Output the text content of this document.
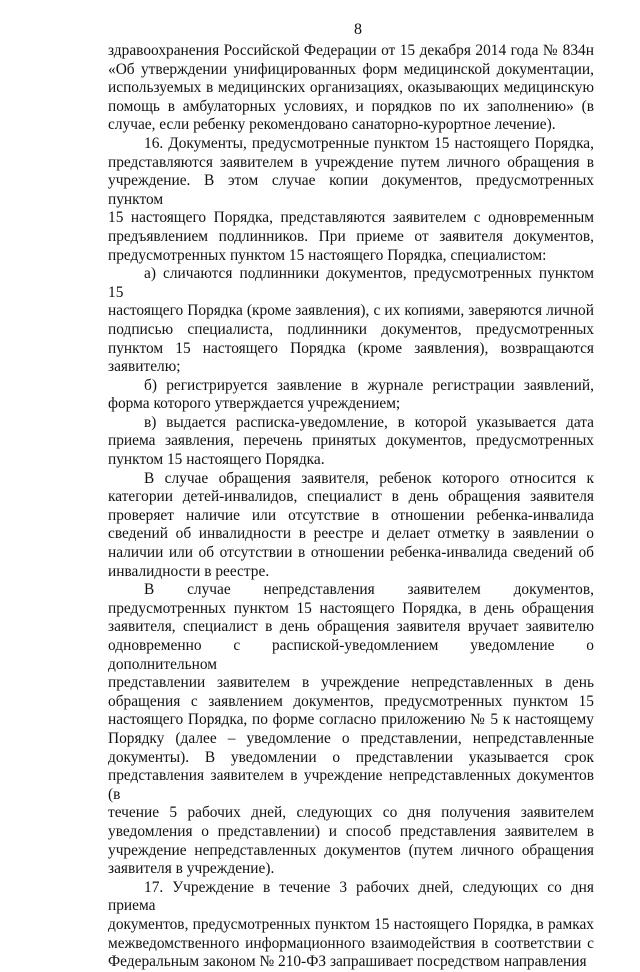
8
здравоохранения Российской Федерации от 15 декабря 2014 года № 834н
«Об утверждении унифицированных форм медицинской документации,
используемых в медицинских организациях, оказывающих медицинскую
помощь в амбулаторных условиях, и порядков по их заполнению» (в
случае, если ребенку рекомендовано санаторно-курортное лечение).
16. Документы, предусмотренные пунктом 15 настоящего Порядка,
представляются заявителем в учреждение путем личного обращения в
учреждение. В этом случае копии документов, предусмотренных пунктом
15 настоящего Порядка, представляются заявителем с одновременным
предъявлением подлинников. При приеме от заявителя документов,
предусмотренных пунктом 15 настоящего Порядка, специалистом:
а) сличаются подлинники документов, предусмотренных пунктом 15
настоящего Порядка (кроме заявления), с их копиями, заверяются личной
подписью специалиста, подлинники документов, предусмотренных
пунктом 15 настоящего Порядка (кроме заявления), возвращаются
заявителю;
б) регистрируется заявление в журнале регистрации заявлений,
форма которого утверждается учреждением;
в) выдается расписка-уведомление, в которой указывается дата
приема заявления, перечень принятых документов, предусмотренных
пунктом 15 настоящего Порядка.
В случае обращения заявителя, ребенок которого относится к
категории детей-инвалидов, специалист в день обращения заявителя
проверяет наличие или отсутствие в отношении ребенка-инвалида
сведений об инвалидности в реестре и делает отметку в заявлении о
наличии или об отсутствии в отношении ребенка-инвалида сведений об
инвалидности в реестре.
В случае непредставления заявителем документов,
предусмотренных пунктом 15 настоящего Порядка, в день обращения
заявителя, специалист в день обращения заявителя вручает заявителю
одновременно с распиской-уведомлением уведомление о дополнительном
представлении заявителем в учреждение непредставленных в день
обращения с заявлением документов, предусмотренных пунктом 15
настоящего Порядка, по форме согласно приложению № 5 к настоящему
Порядку (далее – уведомление о представлении, непредставленные
документы). В уведомлении о представлении указывается срок
представления заявителем в учреждение непредставленных документов (в
течение 5 рабочих дней, следующих со дня получения заявителем
уведомления о представлении) и способ представления заявителем в
учреждение непредставленных документов (путем личного обращения
заявителя в учреждение).
17. Учреждение в течение 3 рабочих дней, следующих со дня приема
документов, предусмотренных пунктом 15 настоящего Порядка, в рамках
межведомственного информационного взаимодействия в соответствии с
Федеральным законом № 210-ФЗ запрашивает посредством направления
